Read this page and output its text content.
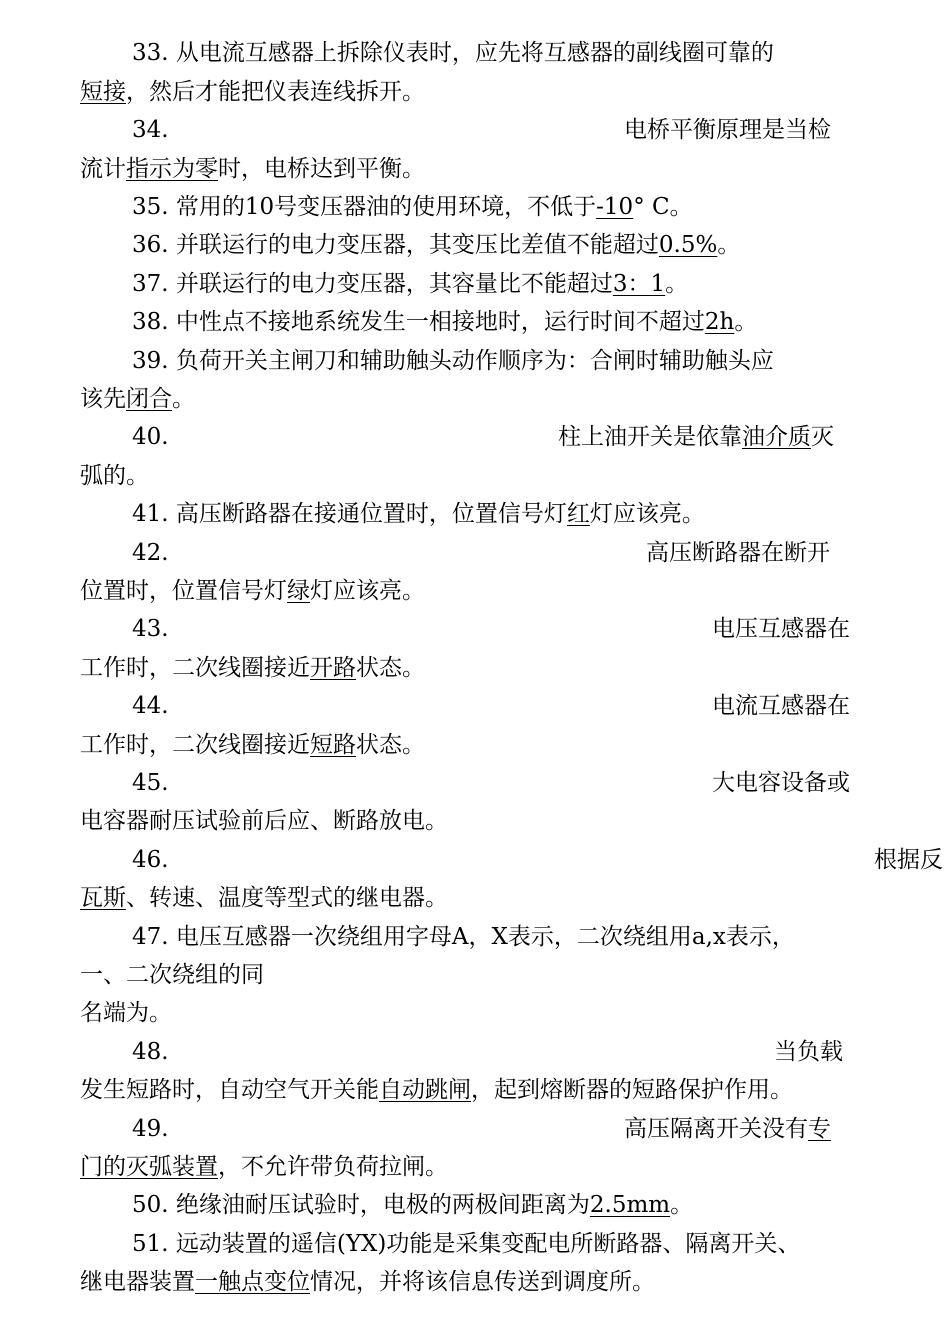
33. 从电流互感器上拆除仪表时，应先将互感器的副线圈可靠的
短接，然后才能把仪表连线拆开。
34.	电桥平衡原理是当检
流计指示为零时，电桥达到平衡。
35. 常用的10号变压器油的使用环境，不低于-10° C。
36. 并联运行的电力变压器，其变压比差值不能超过0.5%。
37. 并联运行的电力变压器，其容量比不能超过3：1。
38. 中性点不接地系统发生一相接地时，运行时间不超过2h。
39. 负荷开关主闸刀和辅助触头动作顺序为：合闸时辅助触头应
该先闭合。
40.	柱上油开关是依靠油介质灭
弧的。
41. 高压断路器在接通位置时，位置信号灯红灯应该亮。
42.	高压断路器在断开
位置时，位置信号灯绿灯应该亮。
43.	电压互感器在
工作时，二次线圈接近开路状态。
44.	电流互感器在
工作时，二次线圈接近短路状态。
45.	大电容设备或
电容器耐压试验前后应、断路放电。
46.	根据反
瓦斯、转速、温度等型式的继电器。
47. 电压互感器一次绕组用字母A，X表示，二次绕组用a,x表示，
一、二次绕组的同
名端为。
48.	当负载
发生短路时，自动空气开关能自动跳闸，起到熔断器的短路保护作用。
49.	高压隔离开关没有专
门的灭弧装置，不允许带负荷拉闸。
50. 绝缘油耐压试验时，电极的两极间距离为2.5mm。
51. 远动装置的遥信(YX)功能是采集变配电所断路器、隔离开关、
继电器装置一触点变位情况，并将该信息传送到调度所。
